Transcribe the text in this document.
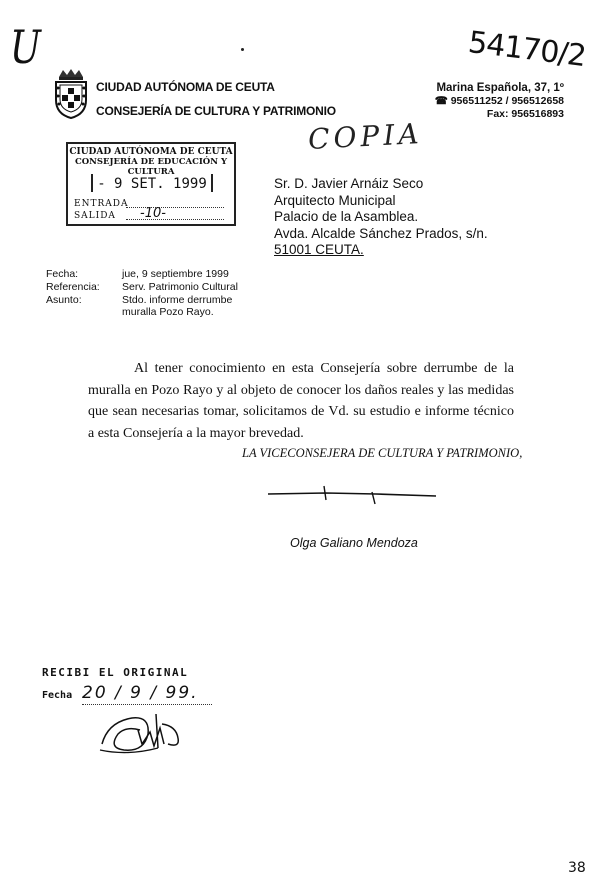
U	54170/2
CIUDAD AUTÓNOMA DE CEUTA
CONSEJERÍA DE CULTURA Y PATRIMONIO
Marina Española, 37, 1º
☎ 956511252 / 956512658
Fax: 956516893
COPIA
CIUDAD AUTÓNOMA DE CEUTA
CONSEJERÍA DE EDUCACIÓN Y CULTURA
- 9 SET. 1999
ENTRADA
SALIDA -10-
Sr. D. Javier Arnáiz Seco
Arquitecto Municipal
Palacio de la Asamblea.
Avda. Alcalde Sánchez Prados, s/n.
51001 CEUTA.
Fecha:
Referencia:
Asunto:
jue, 9 septiembre 1999
Serv. Patrimonio Cultural
Stdo. informe derrumbe
muralla Pozo Rayo.

Al tener conocimiento en esta Consejería sobre derrumbe de la muralla en Pozo Rayo y al objeto de conocer los daños reales y las medidas que sean necesarias tomar, solicitamos de Vd. su estudio e informe técnico a esta Consejería a la mayor brevedad.

LA VICECONSEJERA DE CULTURA Y PATRIMONIO,
Olga Galiano Mendoza
RECIBI EL ORIGINAL
Fecha 20 / 9 / 99.
38
